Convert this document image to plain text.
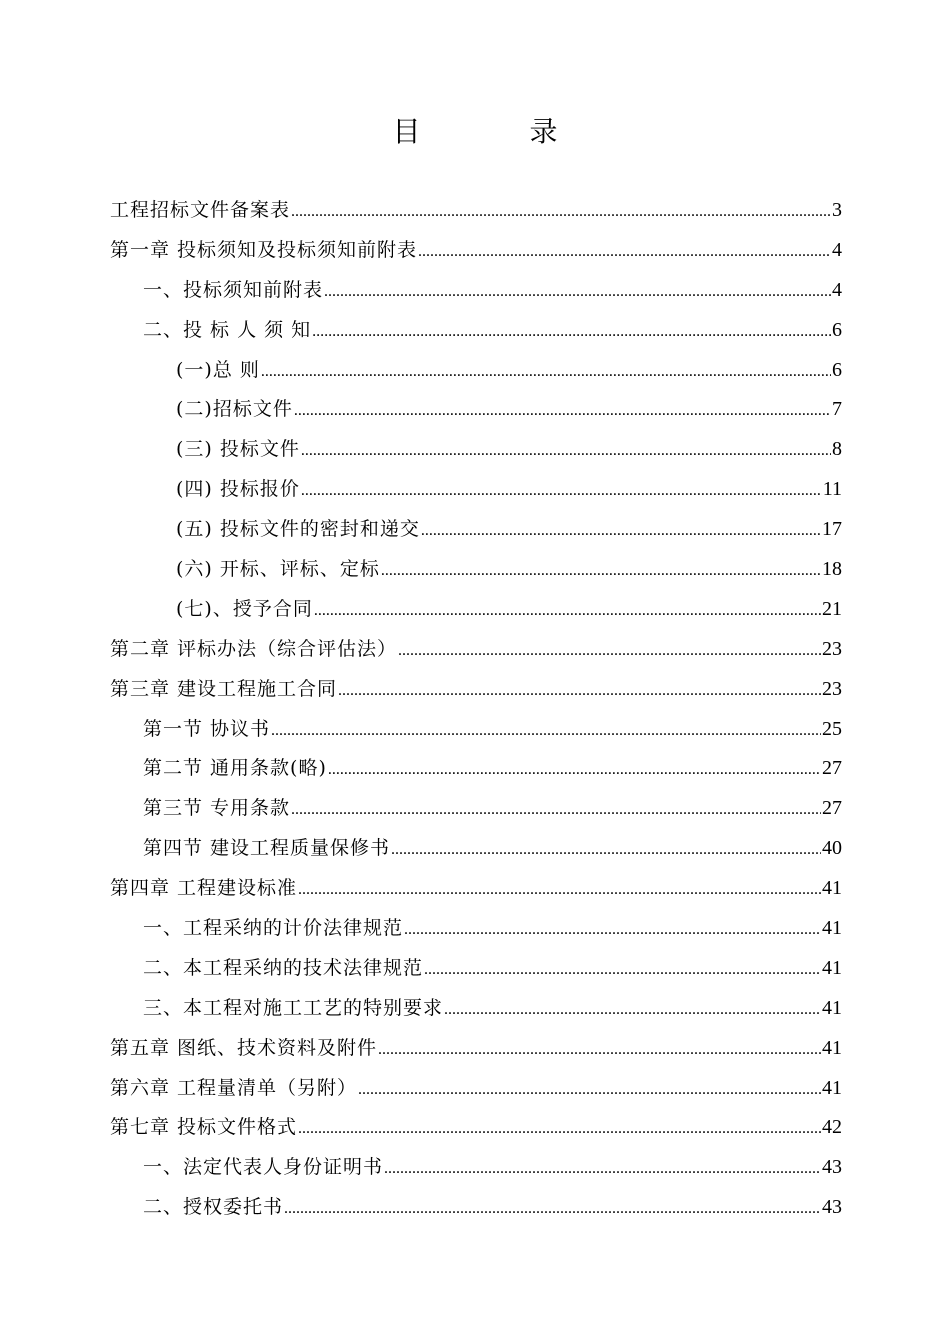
目 录
工程招标文件备案表 .....	3
第一章 投标须知及投标须知前附表 .....	4
一、投标须知前附表 .....	4
二、投 标 人 须 知 .....	6
(一)总 则 .....	6
(二)招标文件 .....	7
(三) 投标文件 .....	8
(四) 投标报价 .....	11
(五) 投标文件的密封和递交 .....	17
(六) 开标、评标、定标 .....	18
(七)、授予合同 .....	21
第二章 评标办法（综合评估法） .....	23
第三章 建设工程施工合同 .....	23
第一节 协议书 .....	25
第二节 通用条款(略) .....	27
第三节 专用条款 .....	27
第四节 建设工程质量保修书 .....	40
第四章 工程建设标准 .....	41
一、工程采纳的计价法律规范 .....	41
二、本工程采纳的技术法律规范 .....	41
三、本工程对施工工艺的特别要求 .....	41
第五章 图纸、技术资料及附件 .....	41
第六章 工程量清单（另附） .....	41
第七章 投标文件格式 .....	42
一、法定代表人身份证明书 .....	43
二、授权委托书 .....	43
